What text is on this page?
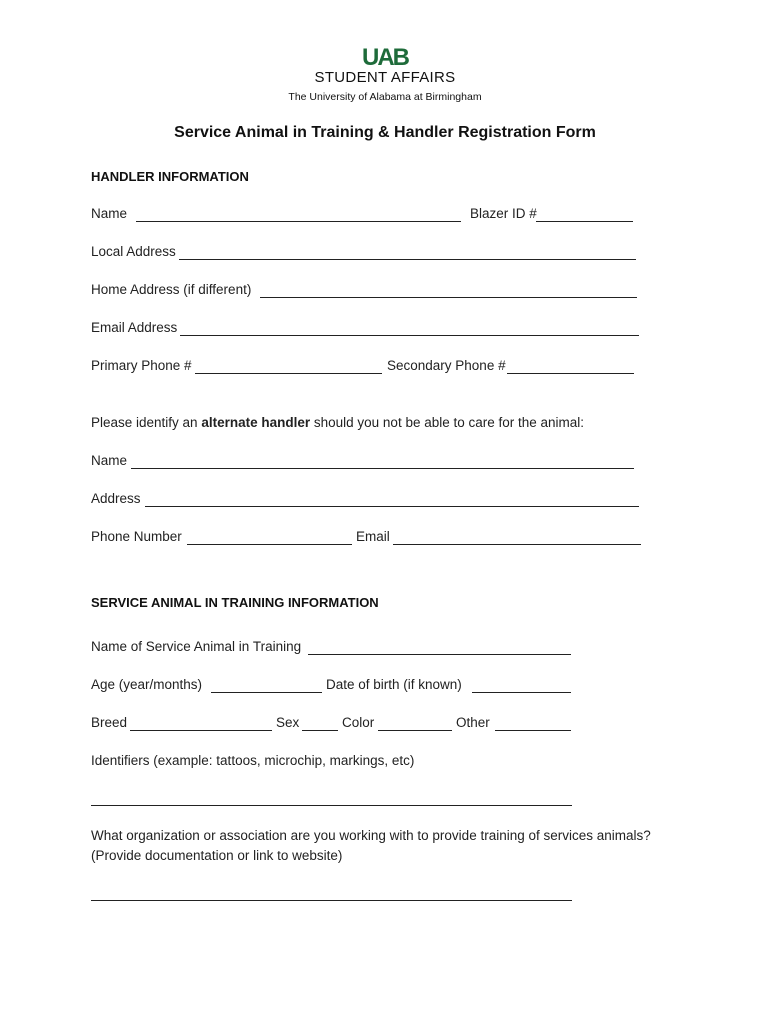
UAB
STUDENT AFFAIRS
The University of Alabama at Birmingham
Service Animal in Training & Handler Registration Form
HANDLER INFORMATION
Name	Blazer ID #
Local Address
Home Address (if different)
Email Address
Primary Phone #	Secondary Phone #
Please identify an alternate handler should you not be able to care for the animal:
Name
Address
Phone Number	Email
SERVICE ANIMAL IN TRAINING INFORMATION
Name of Service Animal in Training
Age (year/months)	Date of birth (if known)
Breed	Sex	Color	Other
Identifiers (example: tattoos, microchip, markings, etc)
What organization or association are you working with to provide training of services animals?
(Provide documentation or link to website)
